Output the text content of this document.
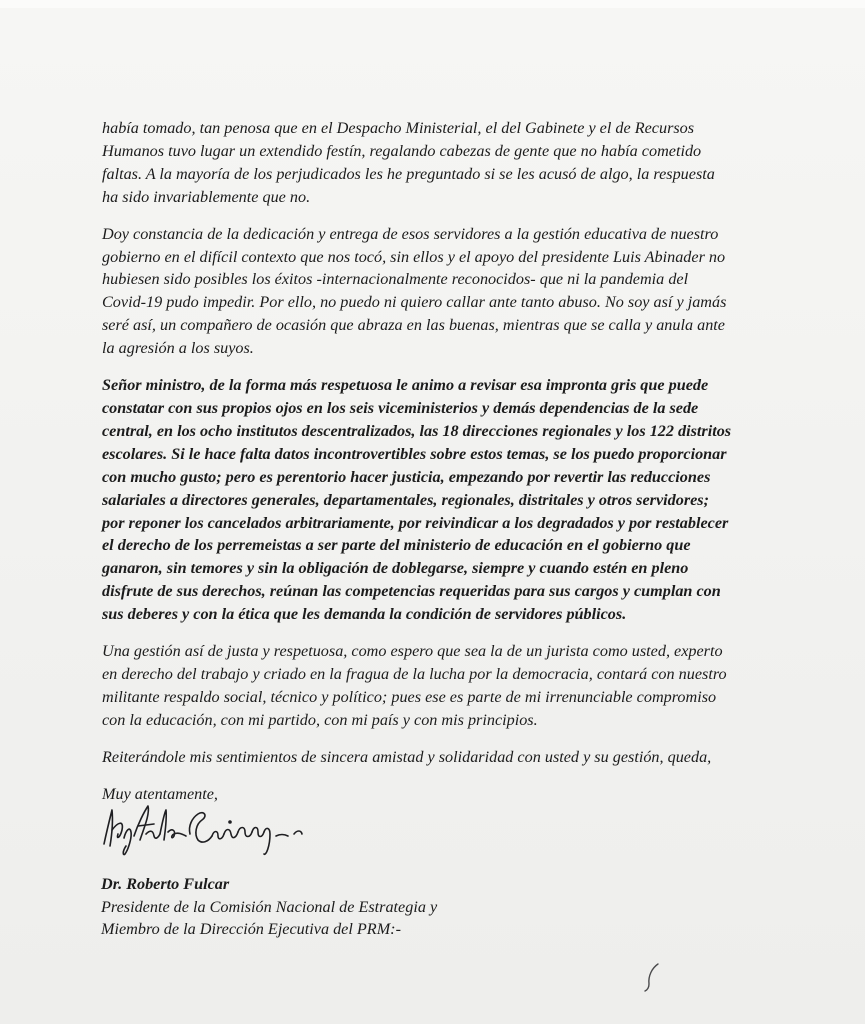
había tomado, tan penosa que en el Despacho Ministerial, el del Gabinete y el de Recursos
Humanos tuvo lugar un extendido festín, regalando cabezas de gente que no había cometido
faltas. A la mayoría de los perjudicados les he preguntado si se les acusó de algo, la respuesta
ha sido invariablemente que no.

Doy constancia de la dedicación y entrega de esos servidores a la gestión educativa de nuestro
gobierno en el difícil contexto que nos tocó, sin ellos y el apoyo del presidente Luis Abinader no
hubiesen sido posibles los éxitos -internacionalmente reconocidos- que ni la pandemia del
Covid-19 pudo impedir. Por ello, no puedo ni quiero callar ante tanto abuso. No soy así y jamás
seré así, un compañero de ocasión que abraza en las buenas, mientras que se calla y anula ante
la agresión a los suyos.

Señor ministro, de la forma más respetuosa le animo a revisar esa impronta gris que puede
constatar con sus propios ojos en los seis viceministerios y demás dependencias de la sede
central, en los ocho institutos descentralizados, las 18 direcciones regionales y los 122 distritos
escolares. Si le hace falta datos incontrovertibles sobre estos temas, se los puedo proporcionar
con mucho gusto; pero es perentorio hacer justicia, empezando por revertir las reducciones
salariales a directores generales, departamentales, regionales, distritales y otros servidores;
por reponer los cancelados arbitrariamente, por reivindicar a los degradados y por restablecer
el derecho de los perremeistas a ser parte del ministerio de educación en el gobierno que
ganaron, sin temores y sin la obligación de doblegarse, siempre y cuando estén en pleno
disfrute de sus derechos, reúnan las competencias requeridas para sus cargos y cumplan con
sus deberes y con la ética que les demanda la condición de servidores públicos.

Una gestión así de justa y respetuosa, como espero que sea la de un jurista como usted, experto
en derecho del trabajo y criado en la fragua de la lucha por la democracia, contará con nuestro
militante respaldo social, técnico y político; pues ese es parte de mi irrenunciable compromiso
con la educación, con mi partido, con mi país y con mis principios.

Reiterándole mis sentimientos de sincera amistad y solidaridad con usted y su gestión, queda,

Muy atentamente,

Dr. Roberto Fulcar
Presidente de la Comisión Nacional de Estrategia y
Miembro de la Dirección Ejecutiva del PRM:-
